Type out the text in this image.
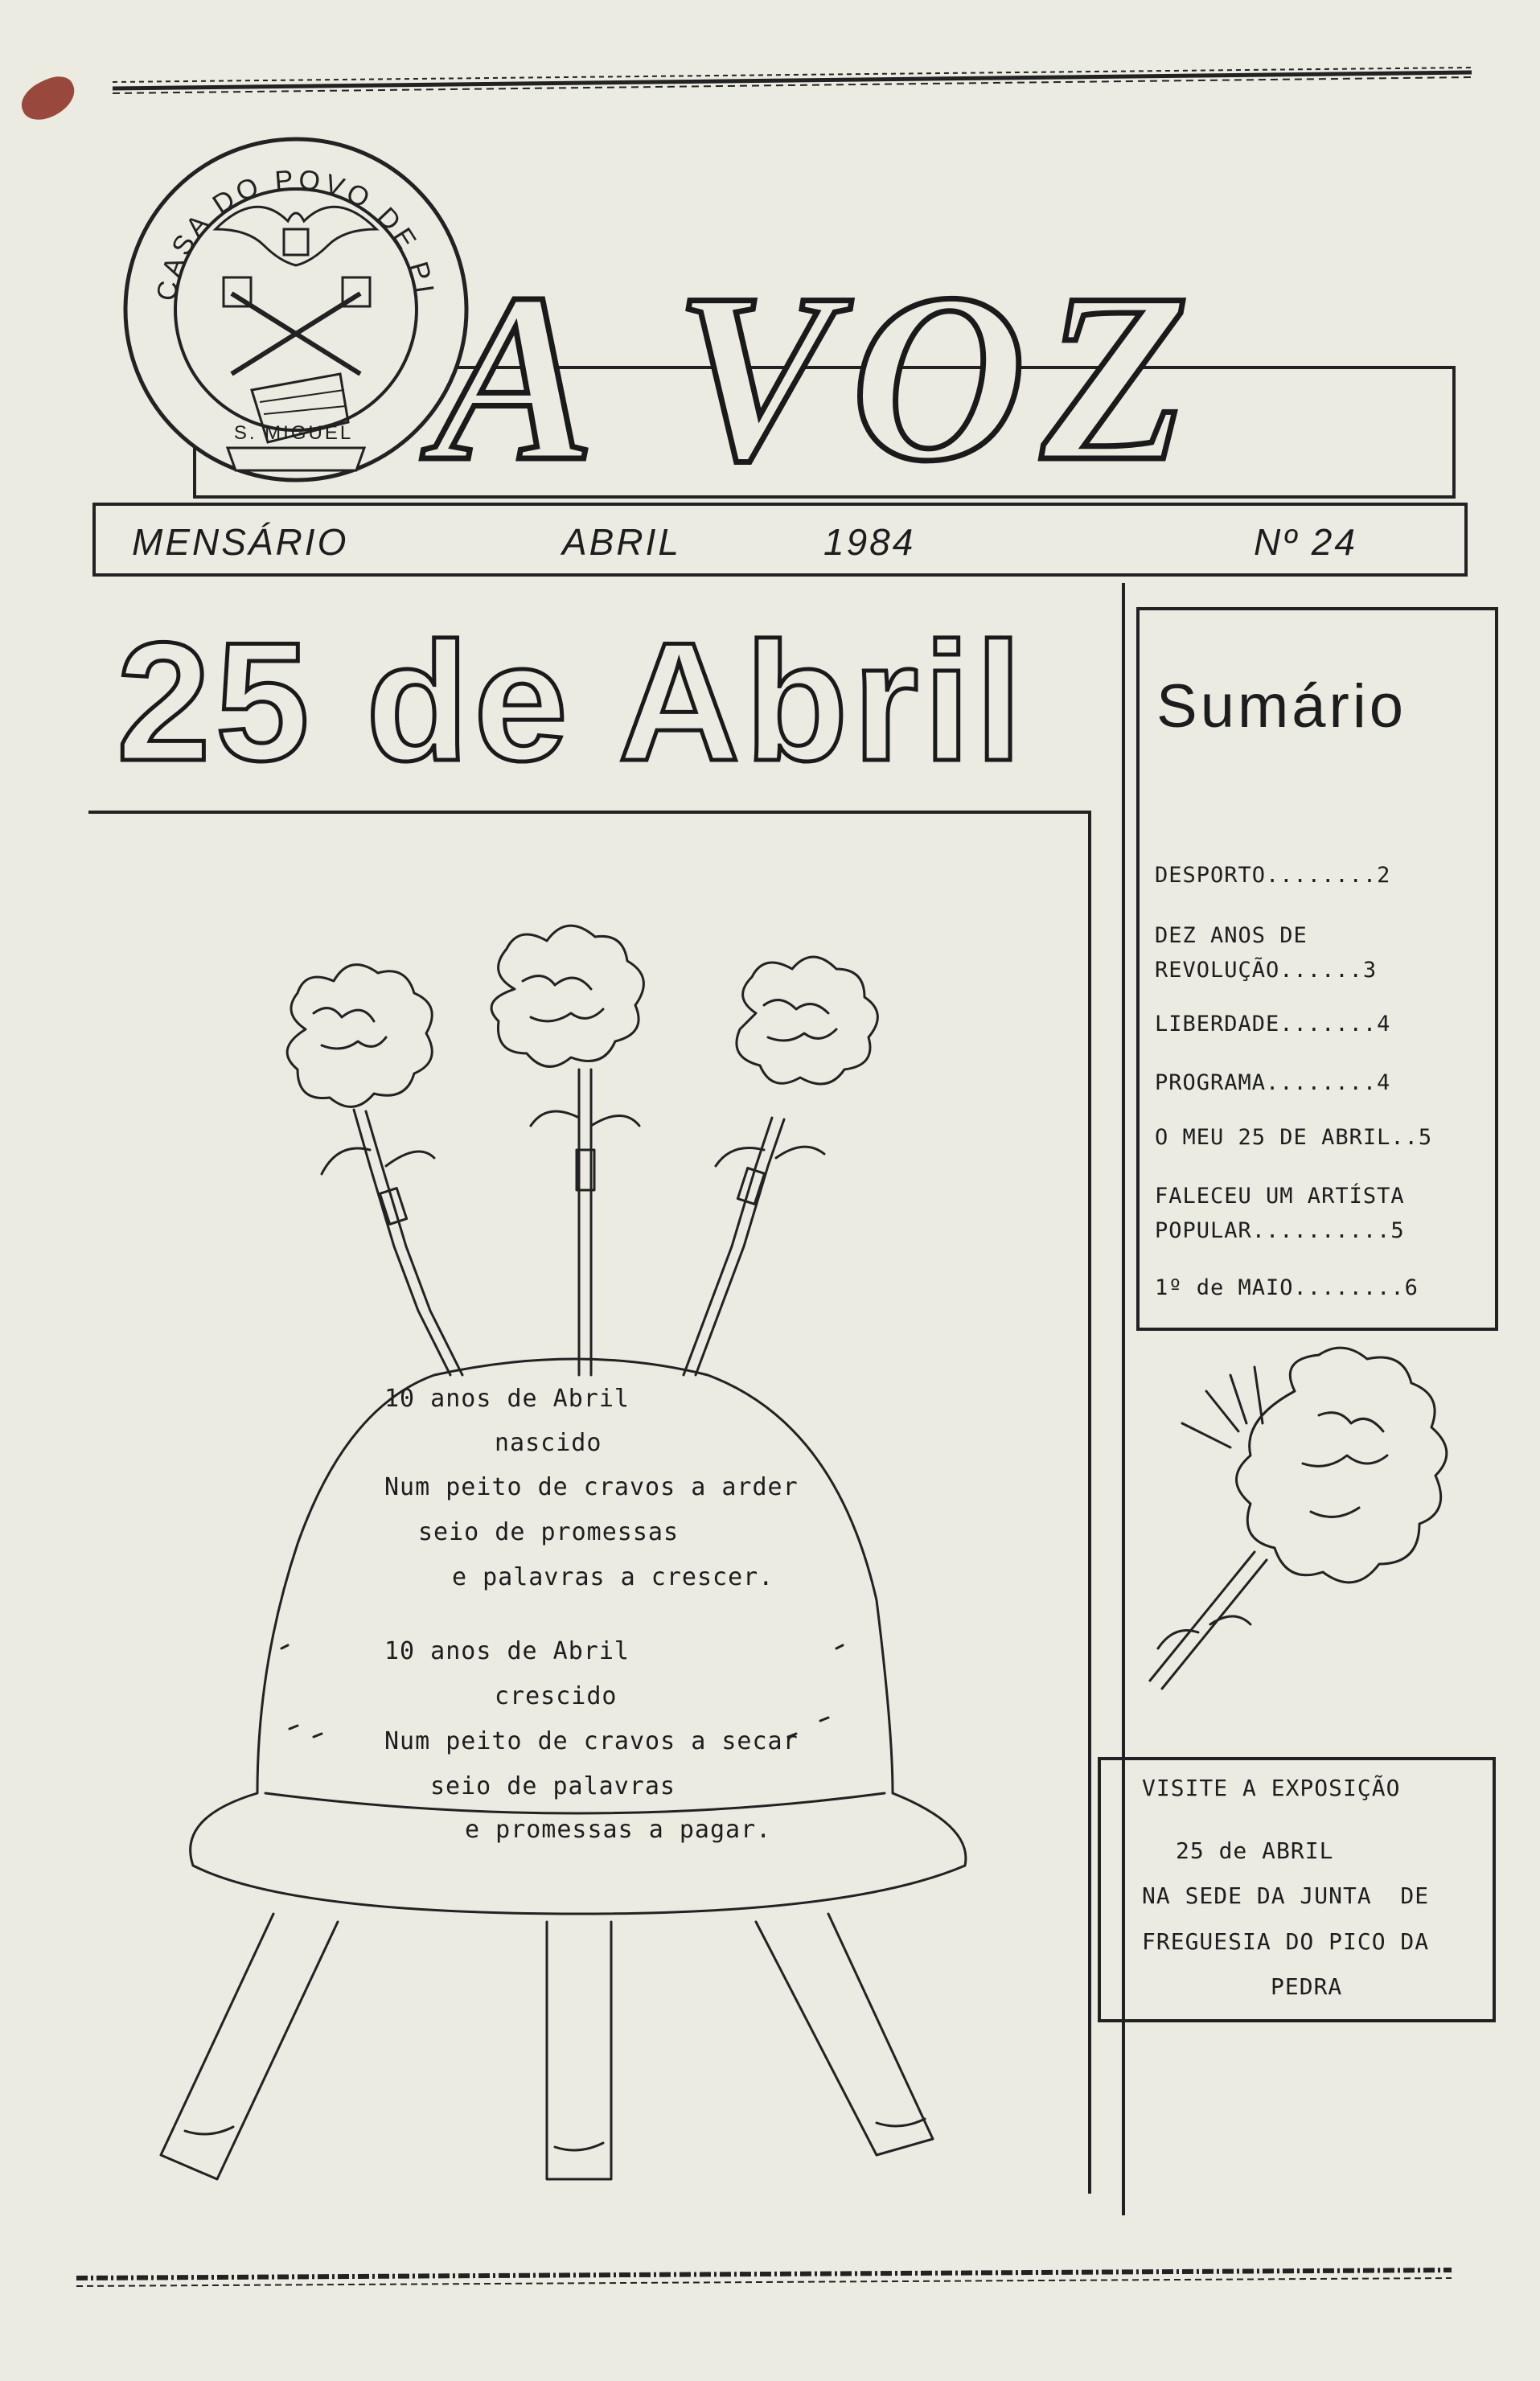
CASA DO POVO DE PICO DA PEDRA
S. MIGUEL A VOZ
MENSÁRIO	ABRIL	1984	Nº 24
25 de Abril
10 anos de Abril
nascido
Num peito de cravos a arder
seio de promessas
e palavras a crescer.
10 anos de Abril
crescido
Num peito de cravos a secar
seio de palavras
e promessas a pagar.
Sumário
DESPORTO........2
DEZ ANOS DE
REVOLUÇÃO......3
LIBERDADE.......4
PROGRAMA........4
O MEU 25 DE ABRIL..5
FALECEU UM ARTÍSTA
POPULAR..........5
1º de MAIO........6
VISITE A EXPOSIÇÃO
25 de ABRIL
NA SEDE DA JUNTA  DE
FREGUESIA DO PICO DA
PEDRA
